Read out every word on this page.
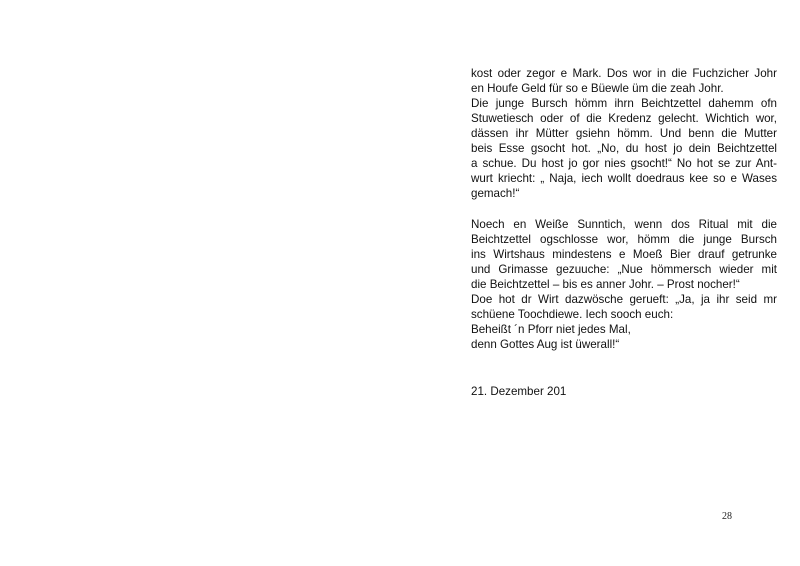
kost oder zegor e Mark. Dos wor in die Fuchzicher Johr
en Houfe Geld für so e Büewle üm die zeah Johr.
Die junge Bursch hömm ihrn Beichtzettel dahemm ofn
Stuwetiesch oder of die Kredenz gelecht. Wichtich wor,
dässen ihr Mütter gsiehn hömm. Und benn die Mutter
beis Esse gsocht hot. „No, du host jo dein Beichtzettel
a schue. Du host jo gor nies gsocht!“ No hot se zur Ant-
wurt kriecht: „ Naja, iech wollt doedraus kee so e Wases
gemach!“
Noech en Weiße Sunntich, wenn dos Ritual mit die
Beichtzettel ogschlosse wor, hömm die junge Bursch
ins Wirtshaus mindestens e Moeß Bier drauf getrunke
und Grimasse gezuuche: „Nue hömmersch wieder mit
die Beichtzettel – bis es anner Johr. – Prost nocher!“
Doe hot dr Wirt dazwösche gerueft: „Ja, ja ihr seid mr
schüene Toochdiewe. Iech sooch euch:
Beheißt ´n Pforr niet jedes Mal,
denn Gottes Aug ist üwerall!“
21. Dezember 201
28
